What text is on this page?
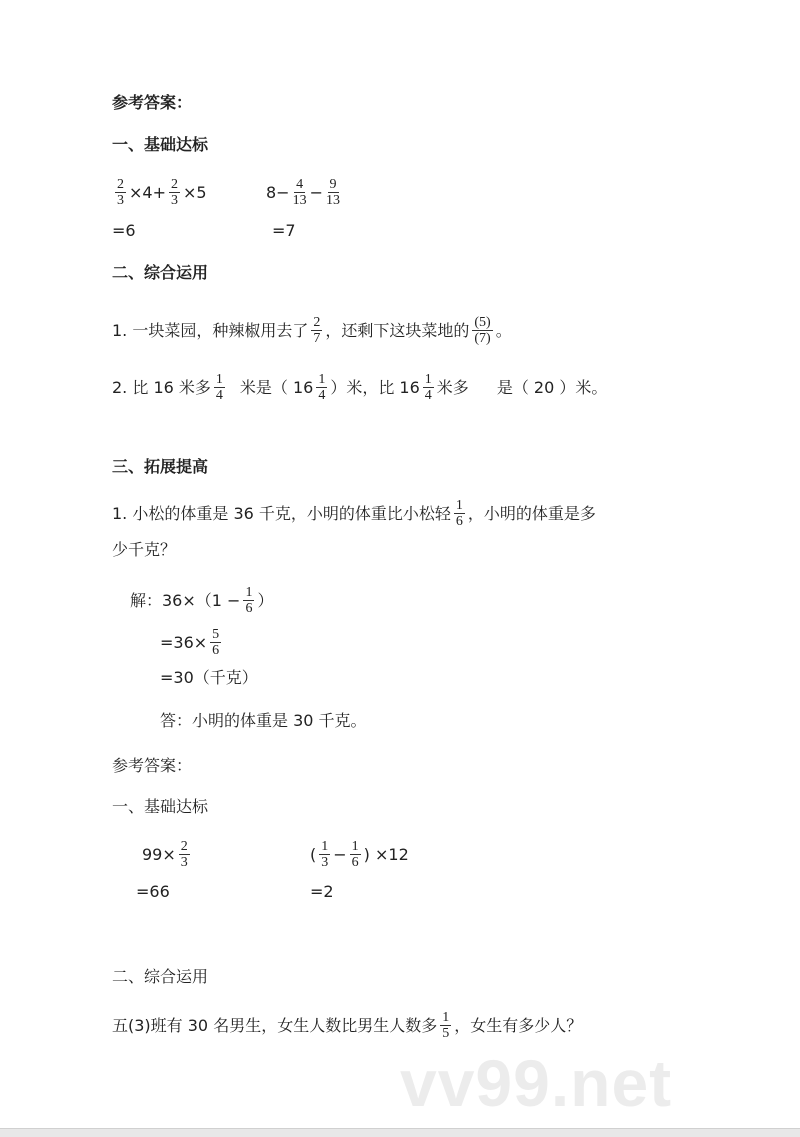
vv99.net
参考答案：
一、基础达标
$\frac{2}{3} \times 4+ \frac{2}{3} \times 5$	$8- \frac{4}{13} - \frac{9}{13}$
=6	=7
二、综合运用
1. 一块菜园，种辣椒用去了 $\frac{2}{7}$ ，还剩下这块菜地的 $\frac{(5)}{(7)}$ 。
2. 比 16 米多 $\frac{1}{4}$ 米是（ $16 \frac{1}{4}$ ）米，比 $16 \frac{1}{4}$ 米多 是（ 20 ）米。
三、拓展提高
1. 小松的体重是 36 千克，小明的体重比小松轻 $\frac{1}{6}$ ，小明的体重是多
少千克？
解：$36\times(1 - \frac{1}{6}$ ）
$=36\times \frac{5}{6}$
=30（千克）
答：小明的体重是 30 千克。
参考答案：
一、基础达标
$99\times \frac{2}{3}$	( $\frac{1}{3} - \frac{1}{6}$ ) ×12
=66	=2
二、综合运用
五(3)班有 30 名男生，女生人数比男生人数多 $\frac{1}{5}$ ，女生有多少人？
